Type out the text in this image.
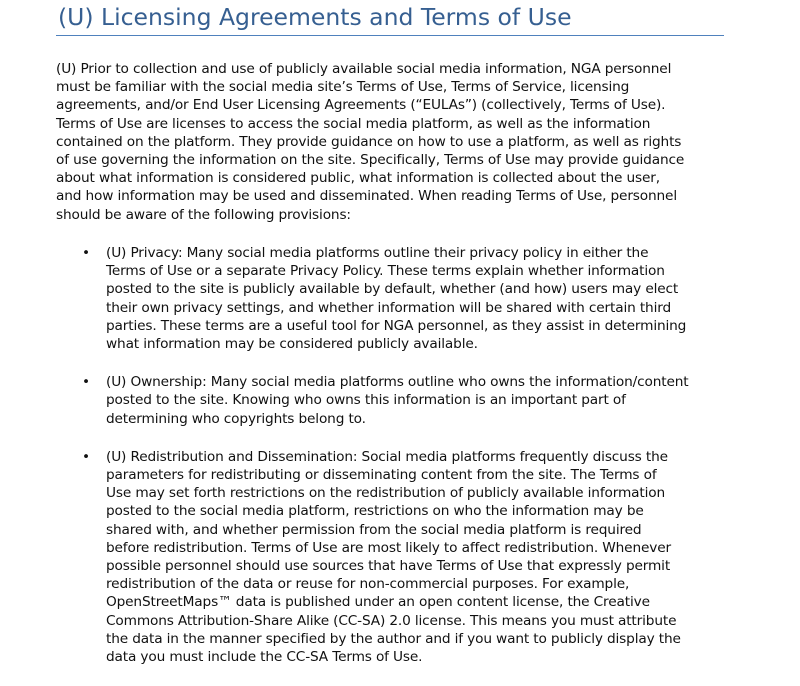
(U) Licensing Agreements and Terms of Use

(U) Prior to collection and use of publicly available social media information, NGA personnel
must be familiar with the social media site’s Terms of Use, Terms of Service, licensing
agreements, and/or End User Licensing Agreements (“EULAs”) (collectively, Terms of Use).
Terms of Use are licenses to access the social media platform, as well as the information
contained on the platform. They provide guidance on how to use a platform, as well as rights
of use governing the information on the site. Specifically, Terms of Use may provide guidance
about what information is considered public, what information is collected about the user,
and how information may be used and disseminated. When reading Terms of Use, personnel
should be aware of the following provisions:

• (U) Privacy: Many social media platforms outline their privacy policy in either the
Terms of Use or a separate Privacy Policy. These terms explain whether information
posted to the site is publicly available by default, whether (and how) users may elect
their own privacy settings, and whether information will be shared with certain third
parties. These terms are a useful tool for NGA personnel, as they assist in determining
what information may be considered publicly available.
• (U) Ownership: Many social media platforms outline who owns the information/content
posted to the site. Knowing who owns this information is an important part of
determining who copyrights belong to.
• (U) Redistribution and Dissemination: Social media platforms frequently discuss the
parameters for redistributing or disseminating content from the site. The Terms of
Use may set forth restrictions on the redistribution of publicly available information
posted to the social media platform, restrictions on who the information may be
shared with, and whether permission from the social media platform is required
before redistribution. Terms of Use are most likely to affect redistribution. Whenever
possible personnel should use sources that have Terms of Use that expressly permit
redistribution of the data or reuse for non-commercial purposes. For example,
OpenStreetMaps™ data is published under an open content license, the Creative
Commons Attribution-Share Alike (CC-SA) 2.0 license. This means you must attribute
the data in the manner specified by the author and if you want to publicly display the
data you must include the CC-SA Terms of Use.
